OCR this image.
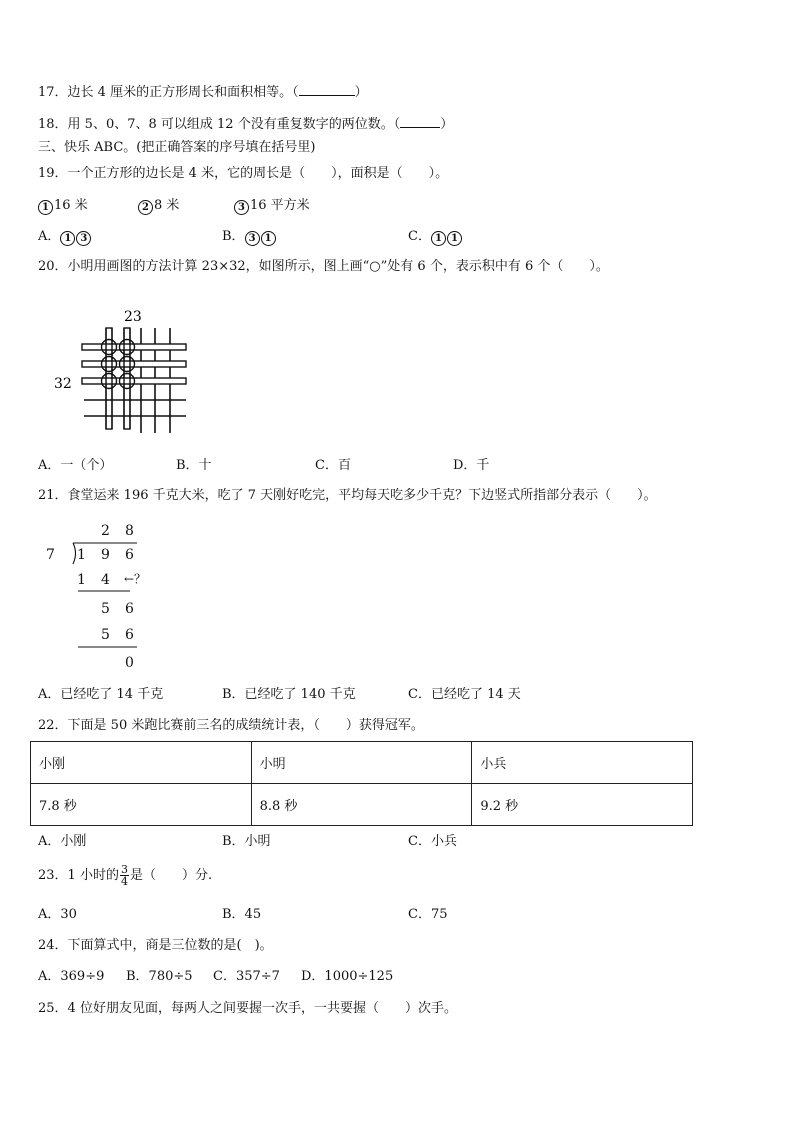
17．边长 4 厘米的正方形周长和面积相等。（	）
18．用 5、0、7、8 可以组成 12 个没有重复数字的两位数。（	）
三、快乐 ABC。(把正确答案的序号填在括号里)
19．一个正方形的边长是 4 米，它的周长是（　　），面积是（　　）。
1 16 米	2 8 米	3 16 平方米
A． 1 3	B． 3 1	C． 1 1
20．小明用画图的方法计算 23×32，如图所示，图上画“○”处有 6 个，表示积中有 6 个（　　）。
23
32
A．一（个）	B．十	C．百	D．千
21．食堂运来 196 千克大米，吃了 7 天刚好吃完，平均每天吃多少千克？下边竖式所指部分表示（　　）。
2 8
7 1 9 6
1 4 ←？
5 6
5 6
0
A．已经吃了 14 千克	B．已经吃了 140 千克	C．已经吃了 14 天
22．下面是 50 米跑比赛前三名的成绩统计表，（　　）获得冠军。
小刚	小明	小兵
7.8 秒	8.8 秒	9.2 秒
A．小刚	B．小明	C．小兵
23．1 小时的 $\frac{3}{4}$ 是（　　）分.
A．30	B．45	C．75
24．下面算式中，商是三位数的是(　)。
A．369÷9 B．780÷5 C．357÷7 D．1000÷125
25．4 位好朋友见面，每两人之间要握一次手，一共要握（　　）次手。
